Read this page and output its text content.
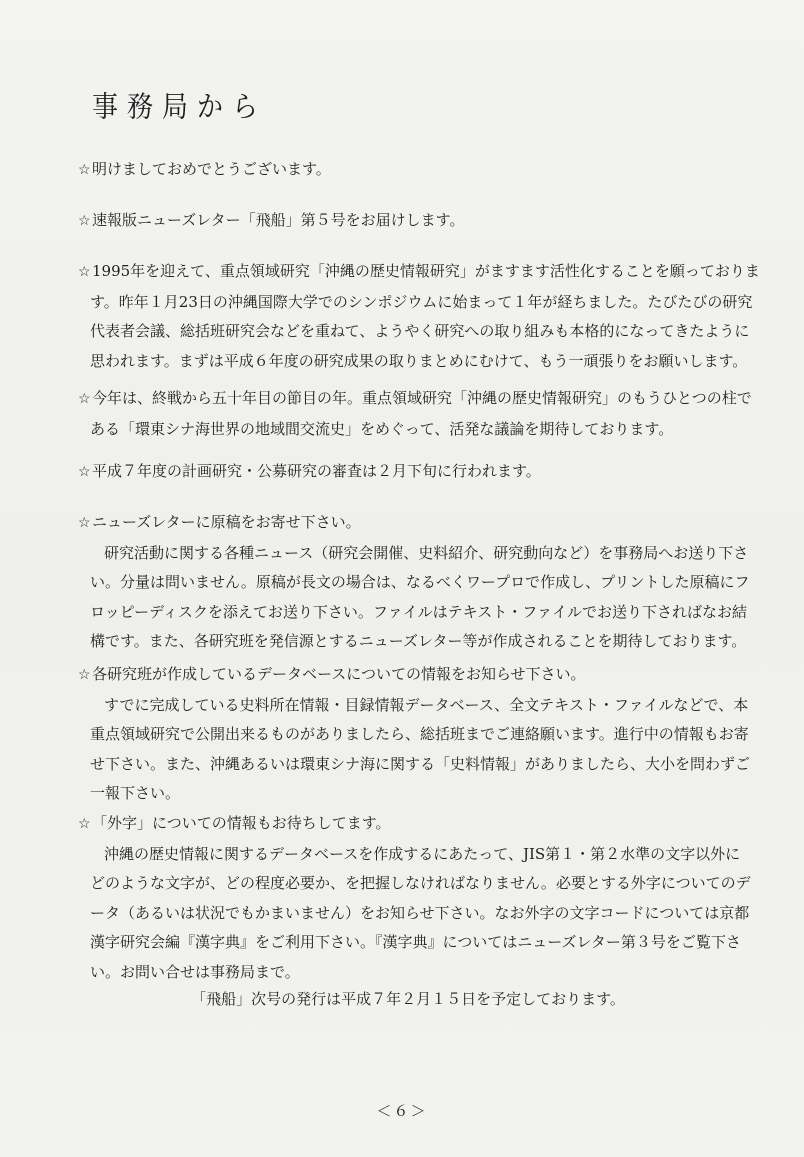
事務局から
☆明けましておめでとうございます。
☆速報版ニューズレター「飛船」第５号をお届けします。
☆1995年を迎えて、重点領域研究「沖縄の歴史情報研究」がますます活性化することを願っておりま
す。昨年１月23日の沖縄国際大学でのシンポジウムに始まって１年が経ちました。たびたびの研究
代表者会議、総括班研究会などを重ねて、ようやく研究への取り組みも本格的になってきたように
思われます。まずは平成６年度の研究成果の取りまとめにむけて、もう一頑張りをお願いします。
☆今年は、終戦から五十年目の節目の年。重点領域研究「沖縄の歴史情報研究」のもうひとつの柱で
ある「環東シナ海世界の地域間交流史」をめぐって、活発な議論を期待しております。
☆平成７年度の計画研究・公募研究の審査は２月下旬に行われます。
☆ニューズレターに原稿をお寄せ下さい。
研究活動に関する各種ニュース（研究会開催、史料紹介、研究動向など）を事務局へお送り下さ
い。分量は問いません。原稿が長文の場合は、なるべくワープロで作成し、プリントした原稿にフ
ロッピーディスクを添えてお送り下さい。ファイルはテキスト・ファイルでお送り下さればなお結
構です。また、各研究班を発信源とするニューズレター等が作成されることを期待しております。
☆各研究班が作成しているデータベースについての情報をお知らせ下さい。
すでに完成している史料所在情報・目録情報データベース、全文テキスト・ファイルなどで、本
重点領域研究で公開出来るものがありましたら、総括班までご連絡願います。進行中の情報もお寄
せ下さい。また、沖縄あるいは環東シナ海に関する「史料情報」がありましたら、大小を問わずご
一報下さい。
☆「外字」についての情報もお待ちしてます。
沖縄の歴史情報に関するデータベースを作成するにあたって、JIS第１・第２水準の文字以外に
どのような文字が、どの程度必要か、を把握しなければなりません。必要とする外字についてのデ
ータ（あるいは状況でもかまいません）をお知らせ下さい。なお外字の文字コードについては京都
漢字研究会編『漢字典』をご利用下さい。『漢字典』についてはニューズレター第３号をご覧下さ
い。お問い合せは事務局まで。

「飛船」次号の発行は平成７年２月１５日を予定しております。

＜６＞
